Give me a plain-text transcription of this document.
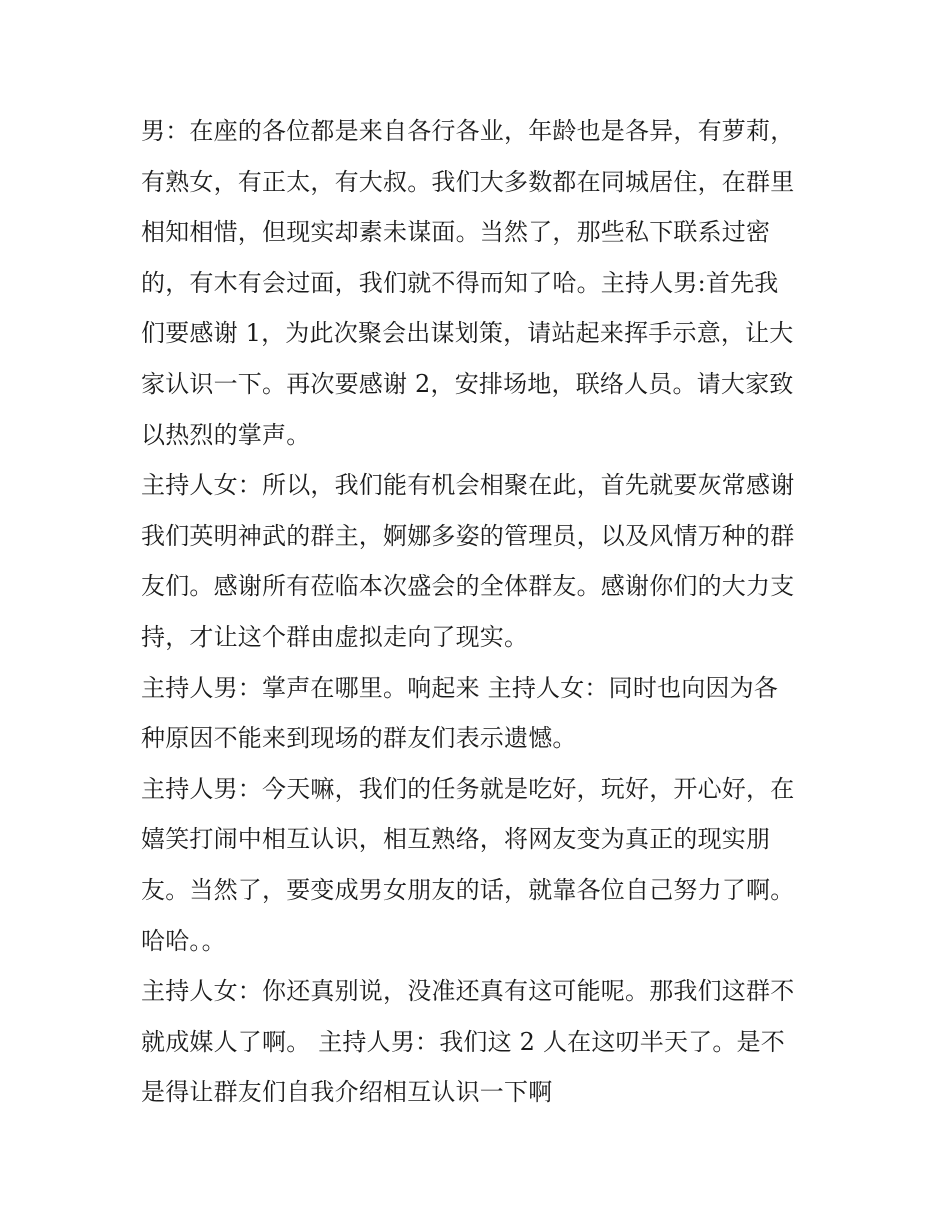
男：在座的各位都是来自各行各业，年龄也是各异，有萝莉，
有熟女，有正太，有大叔。我们大多数都在同城居住，在群里
相知相惜，但现实却素未谋面。当然了，那些私下联系过密
的，有木有会过面，我们就不得而知了哈。主持人男:首先我
们要感谢 1，为此次聚会出谋划策，请站起来挥手示意，让大
家认识一下。再次要感谢 2，安排场地，联络人员。请大家致
以热烈的掌声。
主持人女：所以，我们能有机会相聚在此，首先就要灰常感谢
我们英明神武的群主，婀娜多姿的管理员，以及风情万种的群
友们。感谢所有莅临本次盛会的全体群友。感谢你们的大力支
持，才让这个群由虚拟走向了现实。
主持人男：掌声在哪里。响起来 主持人女：同时也向因为各
种原因不能来到现场的群友们表示遗憾。
主持人男：今天嘛，我们的任务就是吃好，玩好，开心好，在
嬉笑打闹中相互认识，相互熟络，将网友变为真正的现实朋
友。当然了，要变成男女朋友的话，就靠各位自己努力了啊。
哈哈。。
主持人女：你还真别说，没准还真有这可能呢。那我们这群不
就成媒人了啊。 主持人男：我们这 2 人在这叨半天了。是不
是得让群友们自我介绍相互认识一下啊
